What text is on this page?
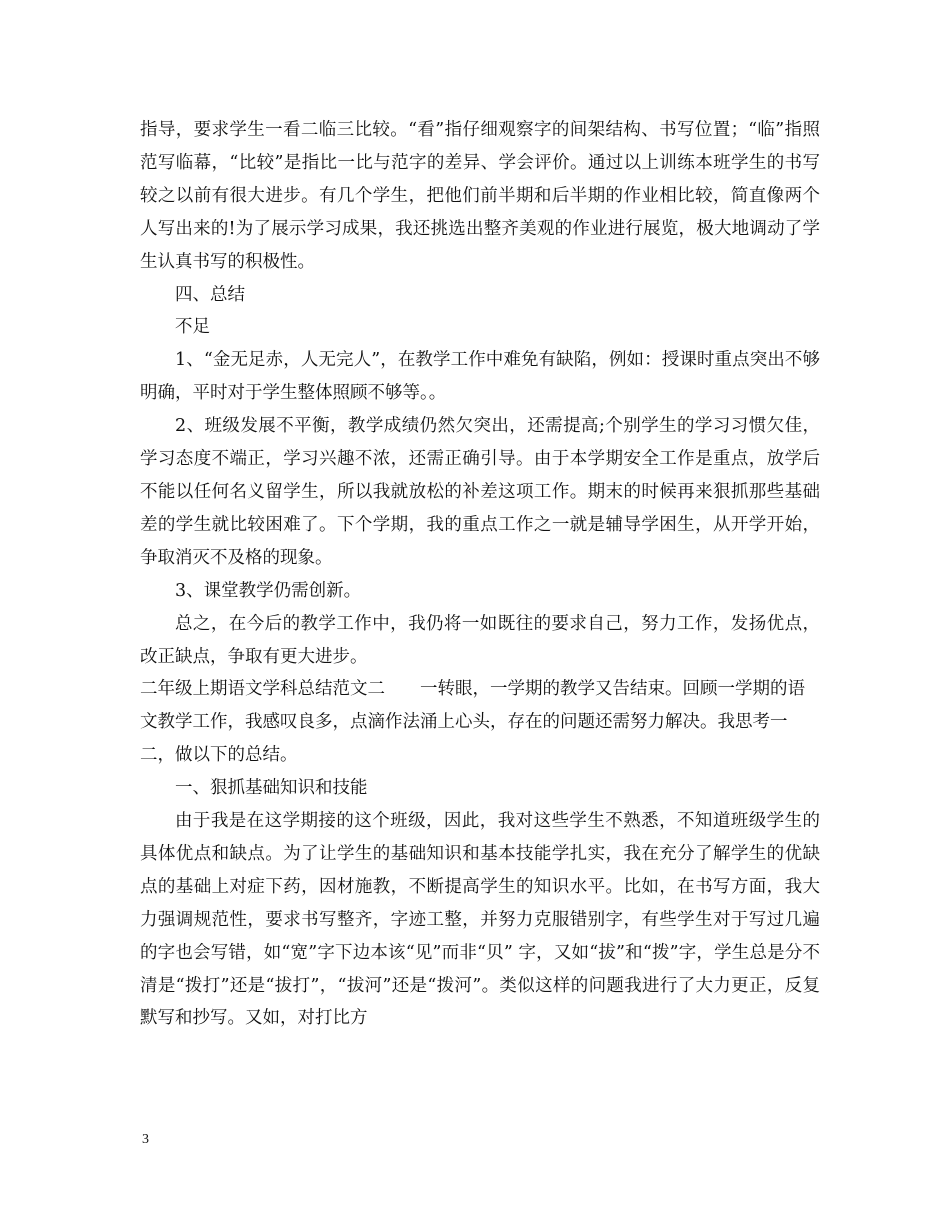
指导，要求学生一看二临三比较。“看”指仔细观察字的间架结构、书写位置；“临”指照范写临幕，“比较”是指比一比与范字的差异、学会评价。通过以上训练本班学生的书写较之以前有很大进步。有几个学生，把他们前半期和后半期的作业相比较，简直像两个人写出来的!为了展示学习成果，我还挑选出整齐美观的作业进行展览，极大地调动了学生认真书写的积极性。

四、总结

不足

1、“金无足赤，人无完人”，在教学工作中难免有缺陷，例如：授课时重点突出不够明确，平时对于学生整体照顾不够等。。

2、班级发展不平衡，教学成绩仍然欠突出，还需提高;个别学生的学习习惯欠佳，学习态度不端正，学习兴趣不浓，还需正确引导。由于本学期安全工作是重点，放学后不能以任何名义留学生，所以我就放松的补差这项工作。期末的时候再来狠抓那些基础差的学生就比较困难了。下个学期，我的重点工作之一就是辅导学困生，从开学开始，争取消灭不及格的现象。

3、课堂教学仍需创新。

总之，在今后的教学工作中，我仍将一如既往的要求自己，努力工作，发扬优点，改正缺点，争取有更大进步。

二年级上期语文学科总结范文二　　一转眼，一学期的教学又告结束。回顾一学期的语文教学工作，我感叹良多，点滴作法涌上心头，存在的问题还需努力解决。我思考一二，做以下的总结。

一、狠抓基础知识和技能

由于我是在这学期接的这个班级，因此，我对这些学生不熟悉，不知道班级学生的具体优点和缺点。为了让学生的基础知识和基本技能学扎实，我在充分了解学生的优缺点的基础上对症下药，因材施教，不断提高学生的知识水平。比如，在书写方面，我大力强调规范性，要求书写整齐，字迹工整，并努力克服错别字，有些学生对于写过几遍的字也会写错，如“宽”字下边本该“见”而非“贝” 字，又如“拔”和“拨”字，学生总是分不清是“拨打”还是“拔打”，“拔河”还是“拨河”。类似这样的问题我进行了大力更正，反复默写和抄写。又如，对打比方

3
